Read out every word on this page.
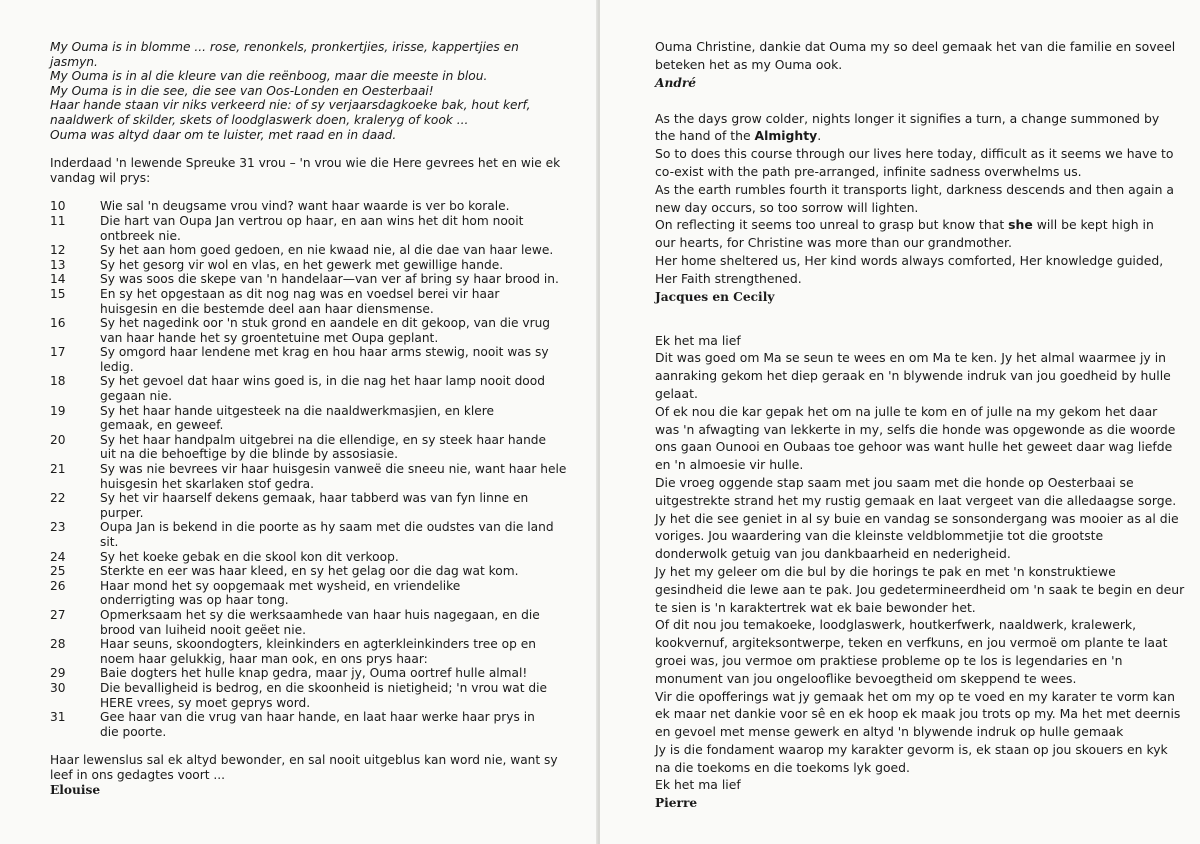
My Ouma is in blomme ... rose, renonkels, pronkertjies, irisse, kappertjies en
jasmyn.
My Ouma is in al die kleure van die reënboog, maar die meeste in blou.
My Ouma is in die see, die see van Oos-Londen en Oesterbaai!
Haar hande staan vir niks verkeerd nie: of sy verjaarsdagkoeke bak, hout kerf,
naaldwerk of skilder, skets of loodglaswerk doen, kraleryg of kook ...
Ouma was altyd daar om te luister, met raad en in daad.
Inderdaad 'n lewende Spreuke 31 vrou – 'n vrou wie die Here gevrees het en wie ek
vandag wil prys:
10	Wie sal 'n deugsame vrou vind? want haar waarde is ver bo korale.
11	Die hart van Oupa Jan vertrou op haar, en aan wins het dit hom nooit
ontbreek nie.
12	Sy het aan hom goed gedoen, en nie kwaad nie, al die dae van haar lewe.
13	Sy het gesorg vir wol en vlas, en het gewerk met gewillige hande.
14	Sy was soos die skepe van 'n handelaar—van ver af bring sy haar brood in.
15	En sy het opgestaan as dit nog nag was en voedsel berei vir haar
huisgesin en die bestemde deel aan haar diensmense.
16	Sy het nagedink oor 'n stuk grond en aandele en dit gekoop, van die vrug
van haar hande het sy groentetuine met Oupa geplant.
17	Sy omgord haar lendene met krag en hou haar arms stewig, nooit was sy
ledig.
18	Sy het gevoel dat haar wins goed is, in die nag het haar lamp nooit dood
gegaan nie.
19	Sy het haar hande uitgesteek na die naaldwerkmasjien, en klere
gemaak, en geweef.
20	Sy het haar handpalm uitgebrei na die ellendige, en sy steek haar hande
uit na die behoeftige by die blinde by assosiasie.
21	Sy was nie bevrees vir haar huisgesin vanweë die sneeu nie, want haar hele
huisgesin het skarlaken stof gedra.
22	Sy het vir haarself dekens gemaak, haar tabberd was van fyn linne en
purper.
23	Oupa Jan is bekend in die poorte as hy saam met die oudstes van die land
sit.
24	Sy het koeke gebak en die skool kon dit verkoop.
25	Sterkte en eer was haar kleed, en sy het gelag oor die dag wat kom.
26	Haar mond het sy oopgemaak met wysheid, en vriendelike
onderrigting was op haar tong.
27	Opmerksaam het sy die werksaamhede van haar huis nagegaan, en die
brood van luiheid nooit geëet nie.
28	Haar seuns, skoondogters, kleinkinders en agterkleinkinders tree op en
noem haar gelukkig, haar man ook, en ons prys haar:
29	Baie dogters het hulle knap gedra, maar jy, Ouma oortref hulle almal!
30	Die bevalligheid is bedrog, en die skoonheid is nietigheid; 'n vrou wat die
HERE vrees, sy moet geprys word.
31	Gee haar van die vrug van haar hande, en laat haar werke haar prys in
die poorte.
Haar lewenslus sal ek altyd bewonder, en sal nooit uitgeblus kan word nie, want sy
leef in ons gedagtes voort ...
Elouise
Ouma Christine, dankie dat Ouma my so deel gemaak het van die familie en soveel
beteken het as my Ouma ook.
André
As the days grow colder, nights longer it signifies a turn, a change summoned by
the hand of the Almighty.
So to does this course through our lives here today, difficult as it seems we have to
co-exist with the path pre-arranged, infinite sadness overwhelms us.
As the earth rumbles fourth it transports light, darkness descends and then again a
new day occurs, so too sorrow will lighten.
On reflecting it seems too unreal to grasp but know that she will be kept high in
our hearts, for Christine was more than our grandmother.
Her home sheltered us, Her kind words always comforted, Her knowledge guided,
Her Faith strengthened.
Jacques en Cecily
Ek het ma lief
Dit was goed om Ma se seun te wees en om Ma te ken. Jy het almal waarmee jy in
aanraking gekom het diep geraak en 'n blywende indruk van jou goedheid by hulle
gelaat.
Of ek nou die kar gepak het om na julle te kom en of julle na my gekom het daar
was 'n afwagting van lekkerte in my, selfs die honde was opgewonde as die woorde
ons gaan Ounooi en Oubaas toe gehoor was want hulle het geweet daar wag liefde
en 'n almoesie vir hulle.
Die vroeg oggende stap saam met jou saam met die honde op Oesterbaai se
uitgestrekte strand het my rustig gemaak en laat vergeet van die alledaagse sorge.
Jy het die see geniet in al sy buie en vandag se sonsondergang was mooier as al die
voriges. Jou waardering van die kleinste veldblommetjie tot die grootste
donderwolk getuig van jou dankbaarheid en nederigheid.
Jy het my geleer om die bul by die horings te pak en met 'n konstruktiewe
gesindheid die lewe aan te pak. Jou gedetermineerdheid om 'n saak te begin en deur
te sien is 'n karaktertrek wat ek baie bewonder het.
Of dit nou jou temakoeke, loodglaswerk, houtkerfwerk, naaldwerk, kralewerk,
kookvernuf, argiteksontwerpe, teken en verfkuns, en jou vermoë om plante te laat
groei was, jou vermoe om praktiese probleme op te los is legendaries en 'n
monument van jou ongelooflike bevoegtheid om skeppend te wees.
Vir die opofferings wat jy gemaak het om my op te voed en my karater te vorm kan
ek maar net dankie voor sê en ek hoop ek maak jou trots op my. Ma het met deernis
en gevoel met mense gewerk en altyd 'n blywende indruk op hulle gemaak
Jy is die fondament waarop my karakter gevorm is, ek staan op jou skouers en kyk
na die toekoms en die toekoms lyk goed.
Ek het ma lief
Pierre
